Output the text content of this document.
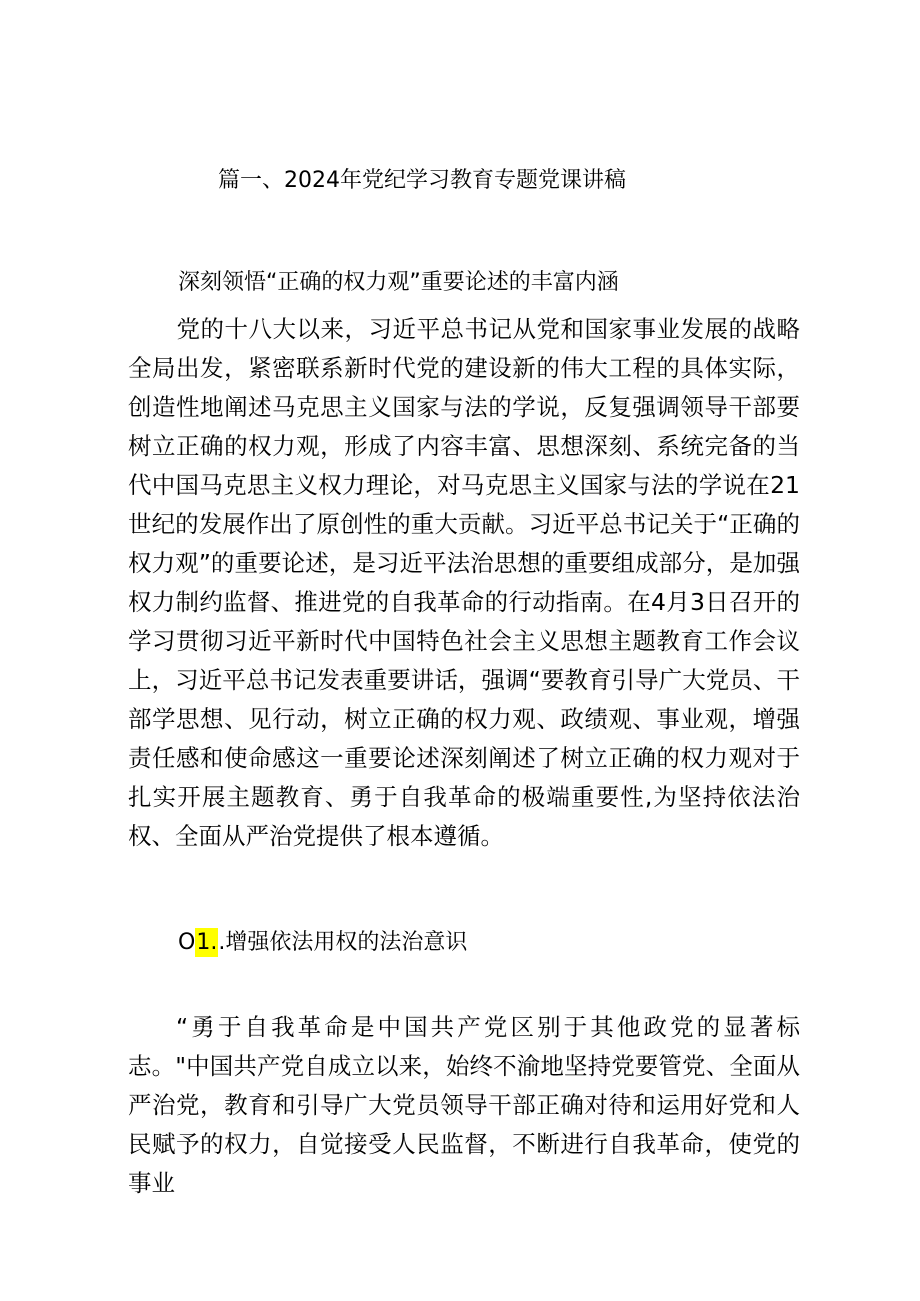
篇一、2024年党纪学习教育专题党课讲稿
深刻领悟“正确的权力观”重要论述的丰富内涵

党的十八大以来，习近平总书记从党和国家事业发展的战略全局出发，紧密联系新时代党的建设新的伟大工程的具体实际，创造性地阐述马克思主义国家与法的学说，反复强调领导干部要树立正确的权力观，形成了内容丰富、思想深刻、系统完备的当代中国马克思主义权力理论，对马克思主义国家与法的学说在21世纪的发展作出了原创性的重大贡献。习近平总书记关于“正确的权力观”的重要论述，是习近平法治思想的重要组成部分，是加强权力制约监督、推进党的自我革命的行动指南。在4月3日召开的学习贯彻习近平新时代中国特色社会主义思想主题教育工作会议上，习近平总书记发表重要讲话，强调“要教育引导广大党员、干部学思想、见行动，树立正确的权力观、政绩观、事业观，增强责任感和使命感这一重要论述深刻阐述了树立正确的权力观对于扎实开展主题教育、勇于自我革命的极端重要性,为坚持依法治权、全面从严治党提供了根本遵循。

O1..增强依法用权的法治意识

“勇于自我革命是中国共产党区别于其他政党的显著标志。"中国共产党自成立以来，始终不渝地坚持党要管党、全面从严治党，教育和引导广大党员领导干部正确对待和运用好党和人民赋予的权力，自觉接受人民监督，不断进行自我革命，使党的事业
